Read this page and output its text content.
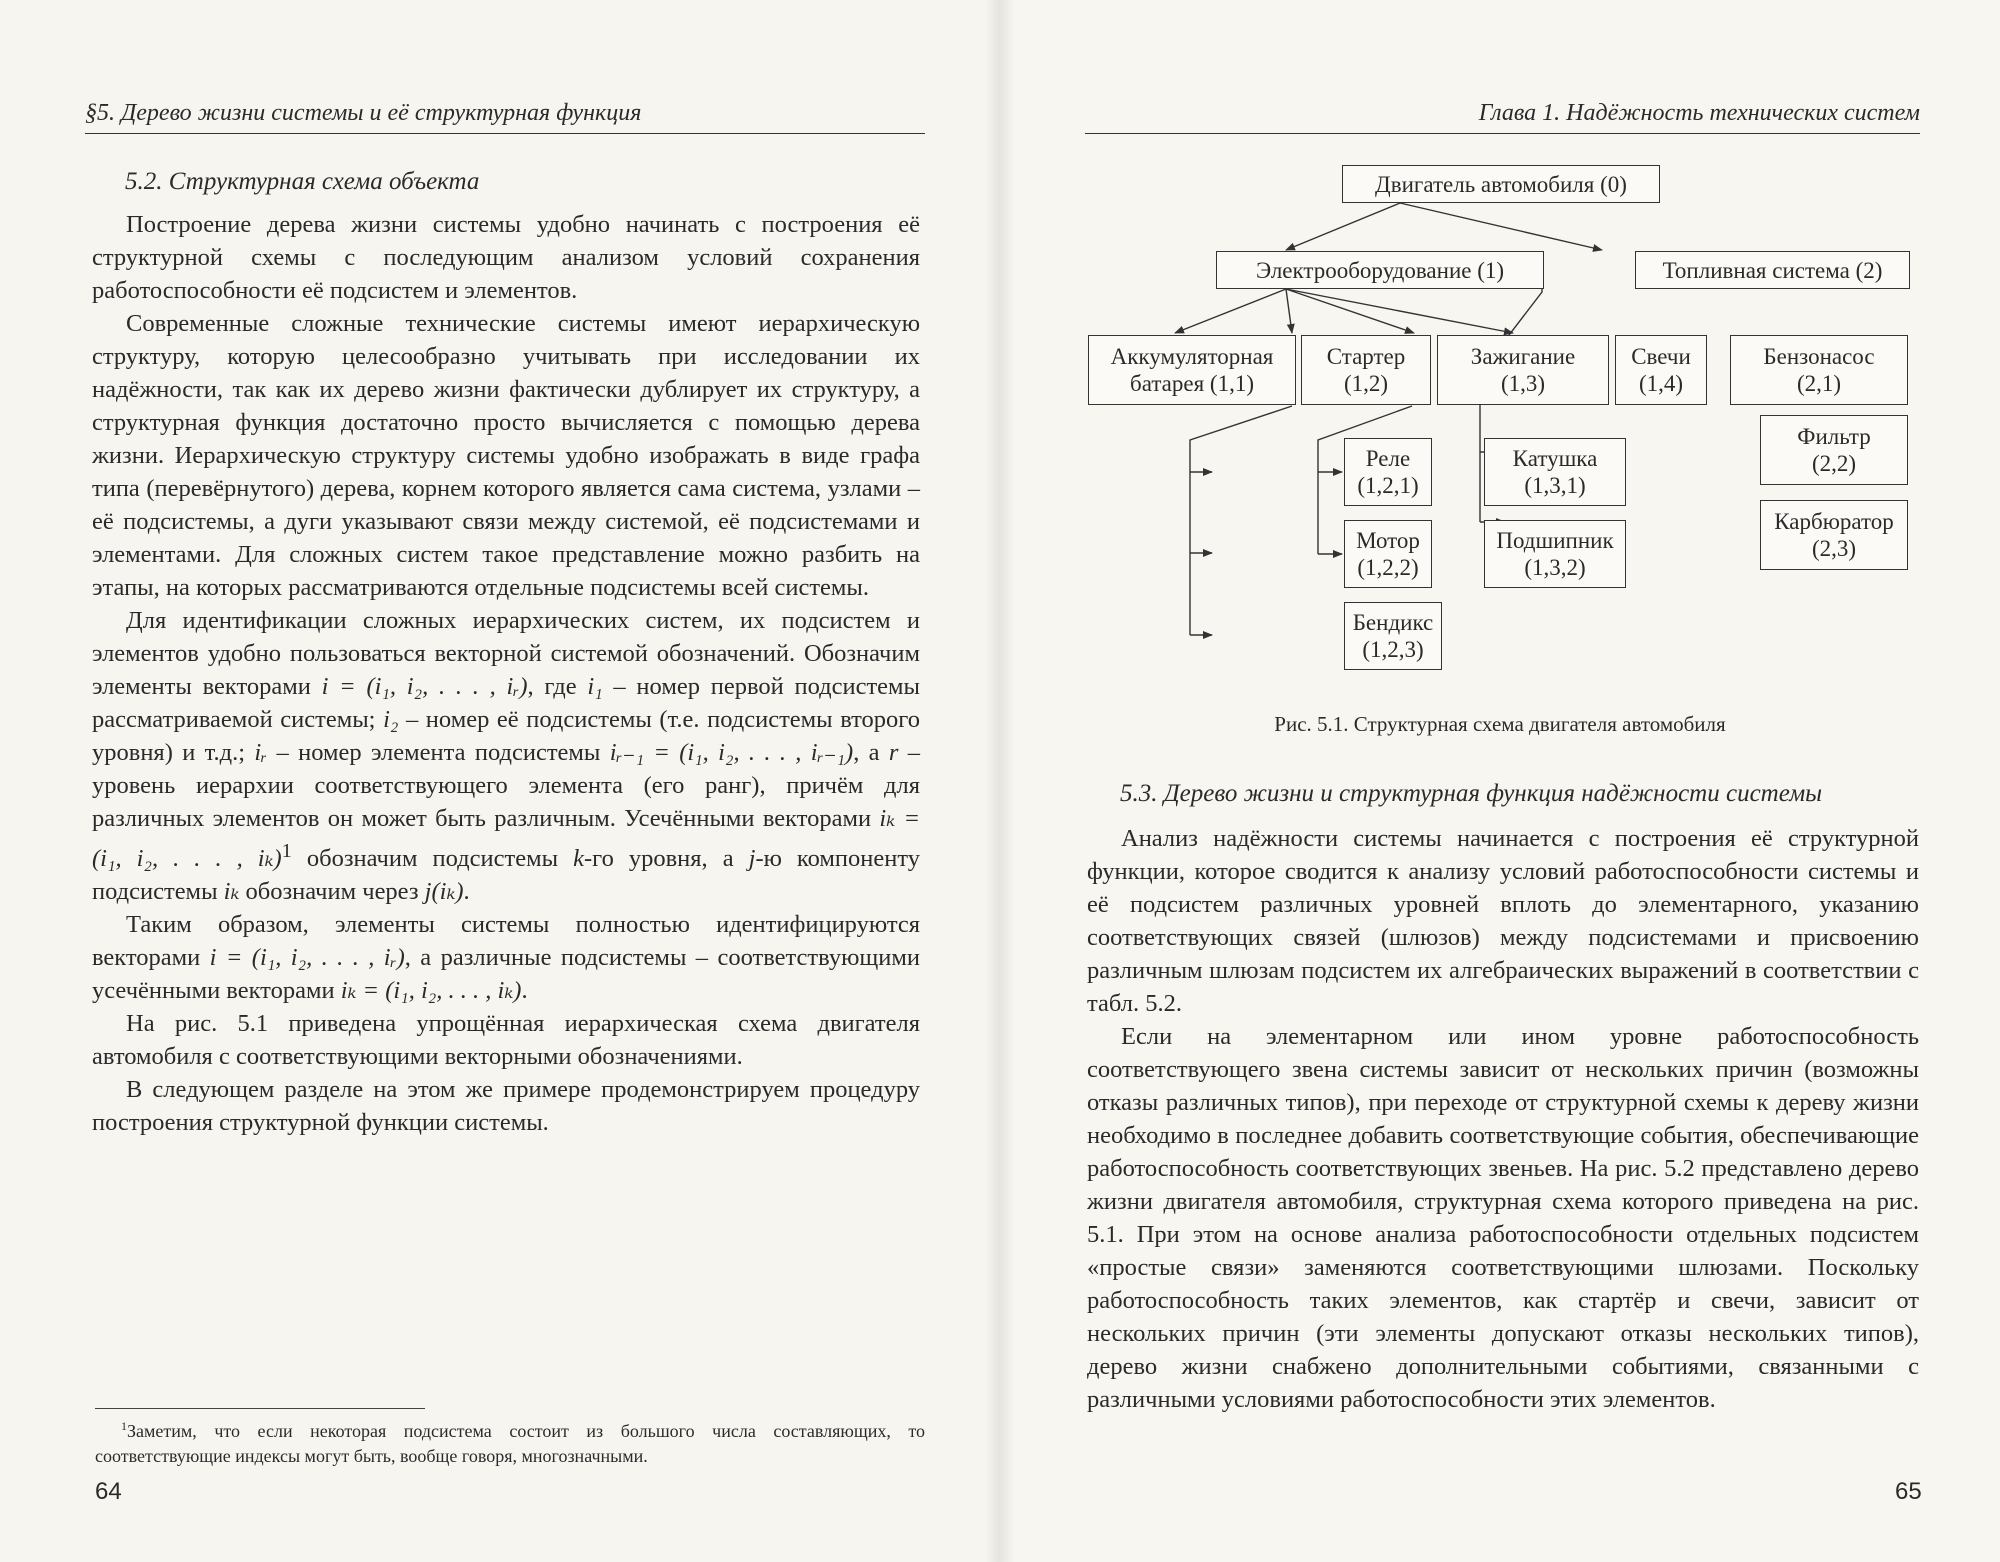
§5. Дерево жизни системы и её структурная функция
5.2. Структурная схема объекта

Построение дерева жизни системы удобно начинать с построения её структурной схемы с последующим анализом условий сохранения работоспособности её подсистем и элементов.

Современные сложные технические системы имеют иерархическую структуру, которую целесообразно учитывать при исследовании их надёжности, так как их дерево жизни фактически дублирует их структуру, а структурная функция достаточно просто вычисляется с помощью дерева жизни. Иерархическую структуру системы удобно изображать в виде графа типа (перевёрнутого) дерева, корнем которого является сама система, узлами – её подсистемы, а дуги указывают связи между системой, её подсистемами и элементами. Для сложных систем такое представление можно разбить на этапы, на которых рассматриваются отдельные подсистемы всей системы.

Для идентификации сложных иерархических систем, их подсистем и элементов удобно пользоваться векторной системой обозначений. Обозначим элементы векторами i = (i₁, i₂, . . . , iᵣ), где i₁ – номер первой подсистемы рассматриваемой системы; i₂ – номер её подсистемы (т.е. подсистемы второго уровня) и т.д.; iᵣ – номер элемента подсистемы iᵣ₋₁ = (i₁, i₂, . . . , iᵣ₋₁), а r – уровень иерархии соответствующего элемента (его ранг), причём для различных элементов он может быть различным. Усечёнными векторами iₖ = (i₁, i₂, . . . , iₖ)$^1$ обозначим подсистемы k-го уровня, а j-ю компоненту подсистемы iₖ обозначим через j(iₖ).

Таким образом, элементы системы полностью идентифицируются векторами i = (i₁, i₂, . . . , iᵣ), а различные подсистемы – соответствующими усечёнными векторами iₖ = (i₁, i₂, . . . , iₖ).

На рис. 5.1 приведена упрощённая иерархическая схема двигателя автомобиля с соответствующими векторными обозначениями.

В следующем разделе на этом же примере продемонстрируем процедуру построения структурной функции системы.

$^1$Заметим, что если некоторая подсистема состоит из большого числа составляющих, то соответствующие индексы могут быть, вообще говоря, многозначными.
64
Глава 1. Надёжность технических систем
Двигатель автомобиля (0)
Электрооборудование (1)	Топливная система (2)
Аккумуляторная
батарея (1,1)
Стартер
(1,2)
Зажигание
(1,3)
Свечи
(1,4)
Бензонасос
(2,1)
Фильтр
(2,2)
Карбюратор
(2,3)
Реле
(1,2,1)
Мотор
(1,2,2)
Бендикс
(1,2,3)
Катушка
(1,3,1)
Подшипник
(1,3,2)
Рис. 5.1. Структурная схема двигателя автомобиля
5.3. Дерево жизни и структурная функция надёжности системы

Анализ надёжности системы начинается с построения её структурной функции, которое сводится к анализу условий работоспособности системы и её подсистем различных уровней вплоть до элементарного, указанию соответствующих связей (шлюзов) между подсистемами и присвоению различным шлюзам подсистем их алгебраических выражений в соответствии с табл. 5.2.

Если на элементарном или ином уровне работоспособность соответствующего звена системы зависит от нескольких причин (возможны отказы различных типов), при переходе от структурной схемы к дереву жизни необходимо в последнее добавить соответствующие события, обеспечивающие работоспособность соответствующих звеньев. На рис. 5.2 представлено дерево жизни двигателя автомобиля, структурная схема которого приведена на рис. 5.1. При этом на основе анализа работоспособности отдельных подсистем «простые связи» заменяются соответствующими шлюзами. Поскольку работоспособность таких элементов, как стартёр и свечи, зависит от нескольких причин (эти элементы допускают отказы нескольких типов), дерево жизни снабжено дополнительными событиями, связанными с различными условиями работоспособности этих элементов.

65
